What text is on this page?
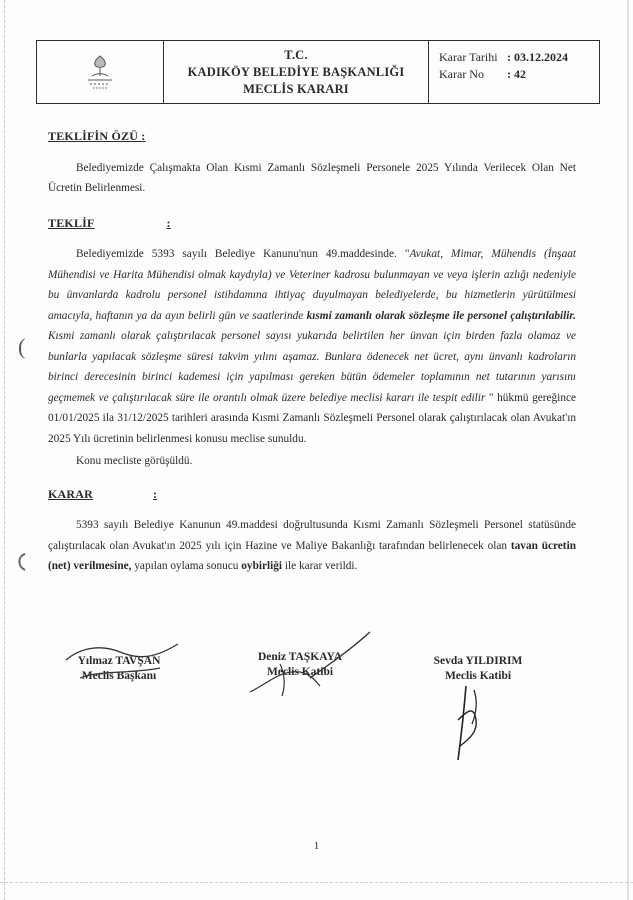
T.C.
KADIKÖY BELEDİYE BAŞKANLIĞI
MECLİS KARARI
Karar Tarihi : 03.12.2024
Karar No	: 42

TEKLİFİN ÖZÜ :

Belediyemizde Çalışmakta Olan Kısmi Zamanlı Sözleşmeli Personele 2025 Yılında Verilecek Olan Net Ücretin Belirlenmesi.

TEKLİF	:

Belediyemizde 5393 sayılı Belediye Kanunu'nun 49.maddesinde. "Avukat, Mimar, Mühendis (İnşaat Mühendisi ve Harita Mühendisi olmak kaydıyla) ve Veteriner kadrosu bulunmayan ve veya işlerin azlığı nedeniyle bu ünvanlarda kadrolu personel istihdamına ihtiyaç duyulmayan belediyelerde, bu hizmetlerin yürütülmesi amacıyla, haftanın ya da ayın belirli gün ve saatlerinde kısmi zamanlı olarak sözleşme ile personel çalıştırılabilir. Kısmi zamanlı olarak çalıştırılacak personel sayısı yukarıda belirtilen her ünvan için birden fazla olamaz ve bunlarla yapılacak sözleşme süresi takvim yılını aşamaz. Bunlara ödenecek net ücret, aynı ünvanlı kadroların birinci derecesinin birinci kademesi için yapılması gereken bütün ödemeler toplamının net tutarının yarısını geçmemek ve çalıştırılacak süre ile orantılı olmak üzere belediye meclisi kararı ile tespit edilir " hükmü gereğince 01/01/2025 ila 31/12/2025 tarihleri arasında Kısmi Zamanlı Sözleşmeli Personel olarak çalıştırılacak olan Avukat'ın 2025 Yılı ücretinin belirlenmesi konusu meclise sunuldu.

Konu mecliste görüşüldü.

KARAR	:

5393 sayılı Belediye Kanunun 49.maddesi doğrultusunda Kısmi Zamanlı Sözleşmeli Personel statüsünde çalıştırılacak olan Avukat'ın 2025 yılı için Hazine ve Maliye Bakanlığı tarafından belirlenecek olan tavan ücretin (net) verilmesine, yapılan oylama sonucu oybirliği ile karar verildi.

(
Yılmaz TAVŞAN
Meclis Başkanı
Deniz TAŞKAYA
Meclis Katibi
Sevda YILDIRIM
Meclis Katibi
1
